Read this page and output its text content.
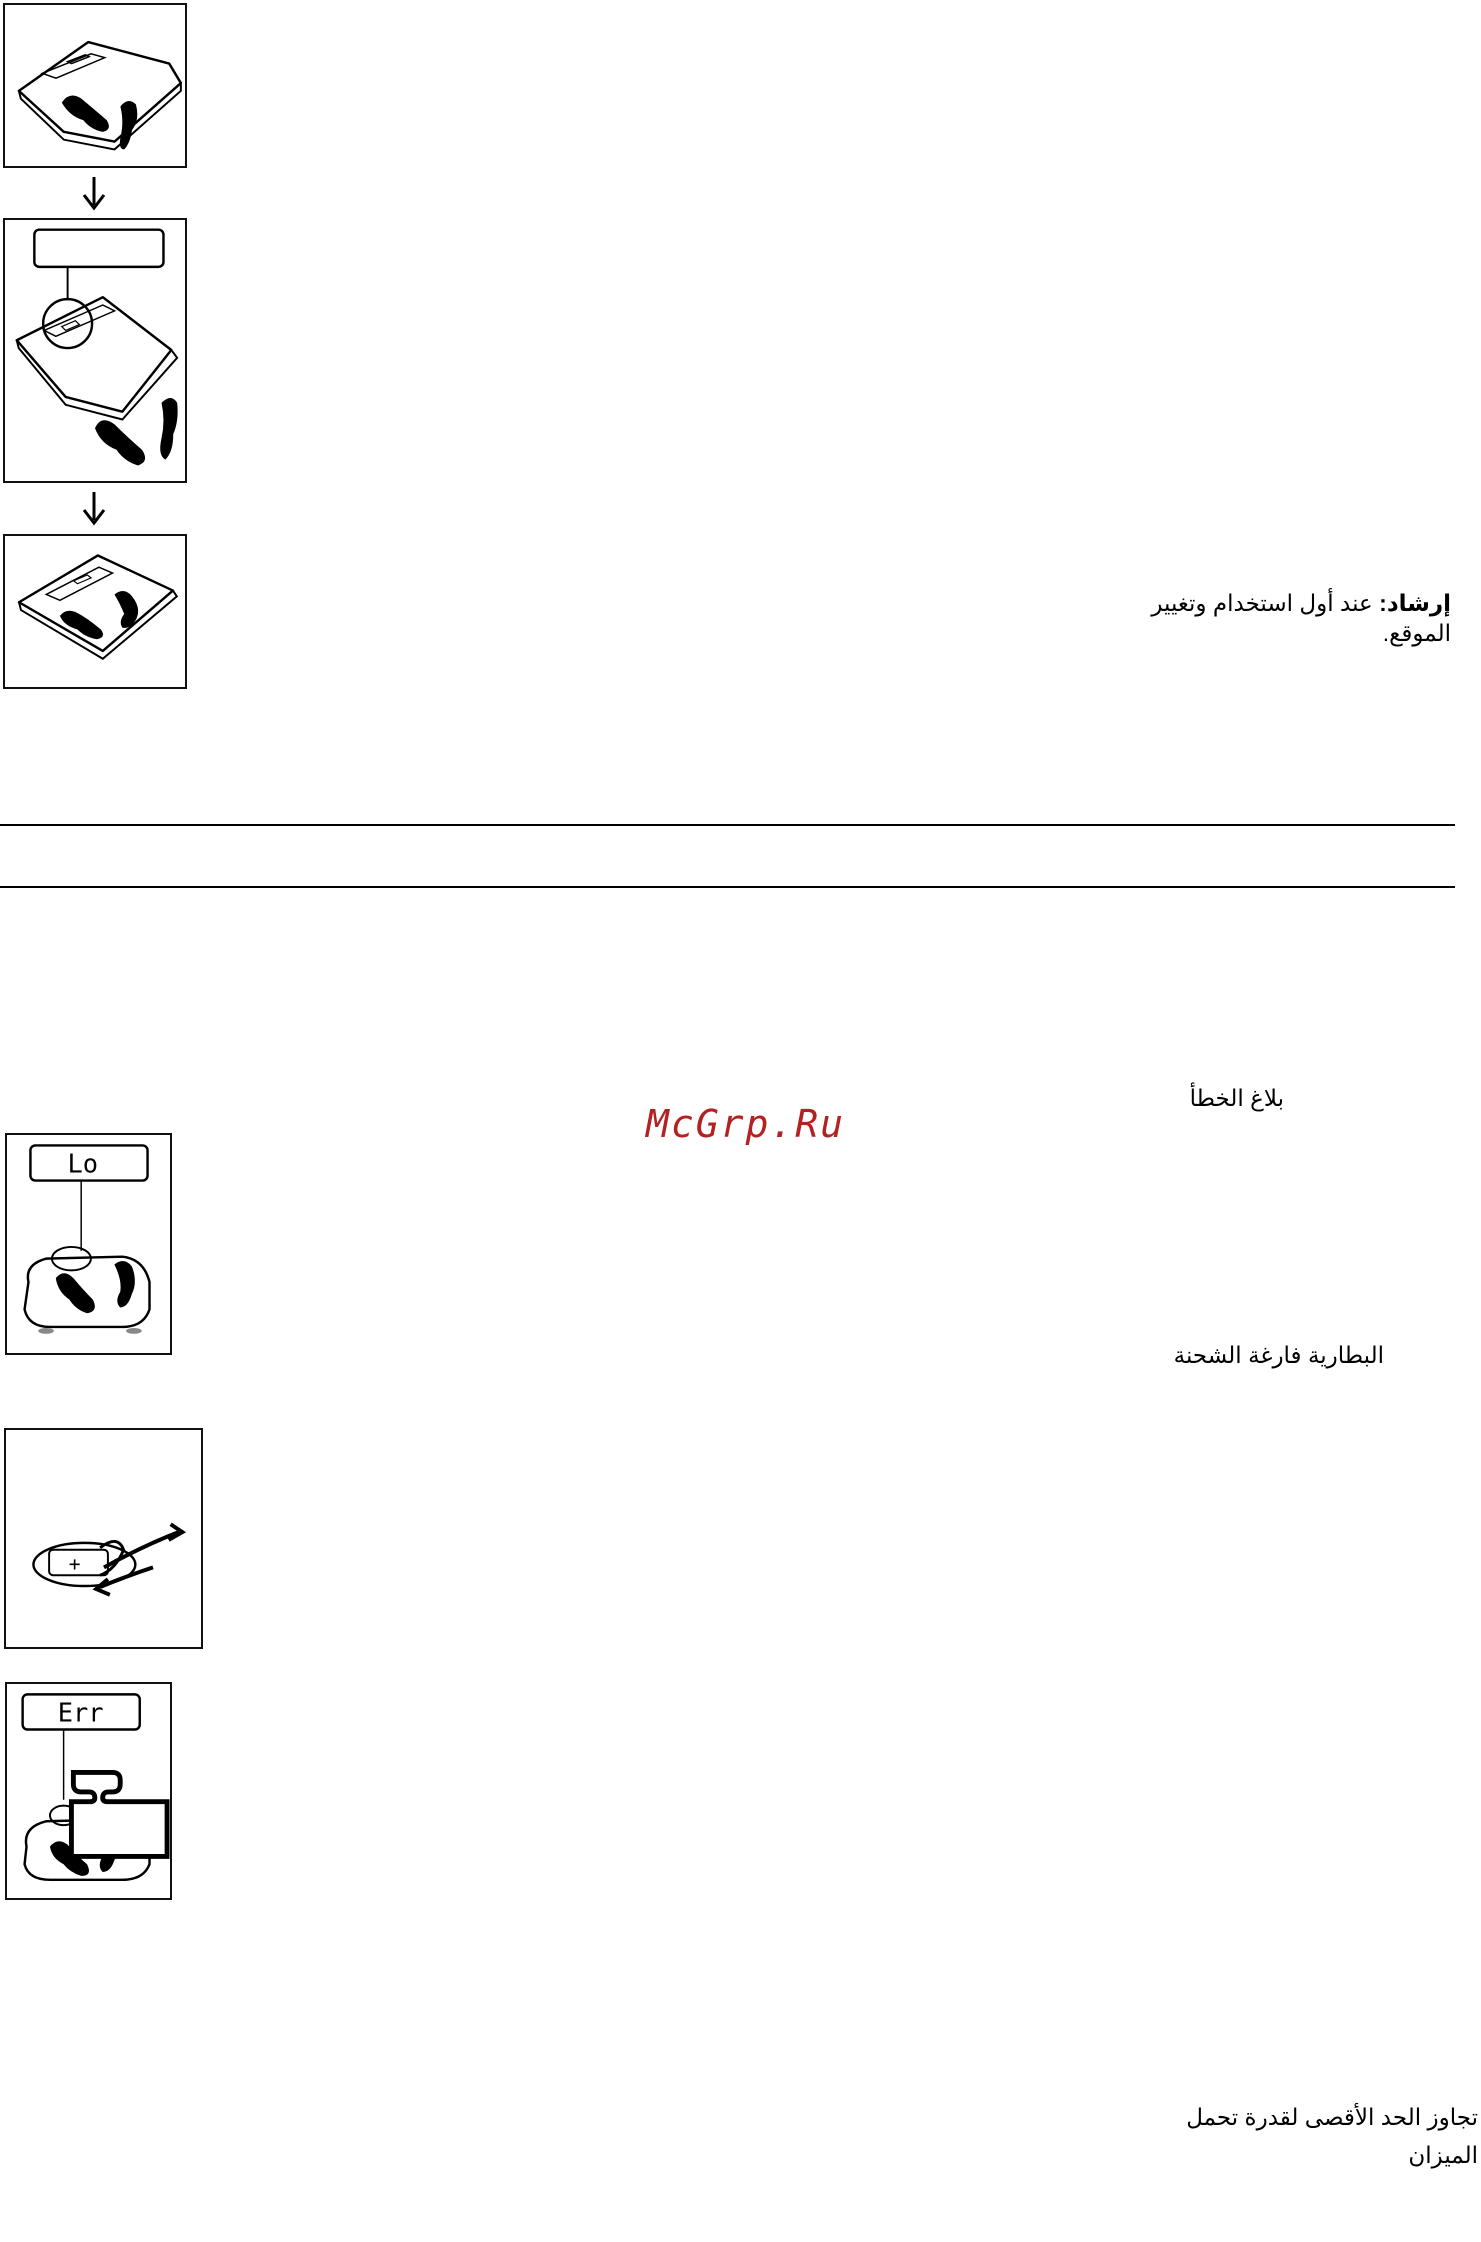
إرشاد: عند أول استخدام وتغيير الموقع.
بلاغ الخطأ
McGrp.Ru
Lo
البطارية فارغة الشحنة
+
Err
تجاوز الحد الأقصى لقدرة تحمل
الميزان
